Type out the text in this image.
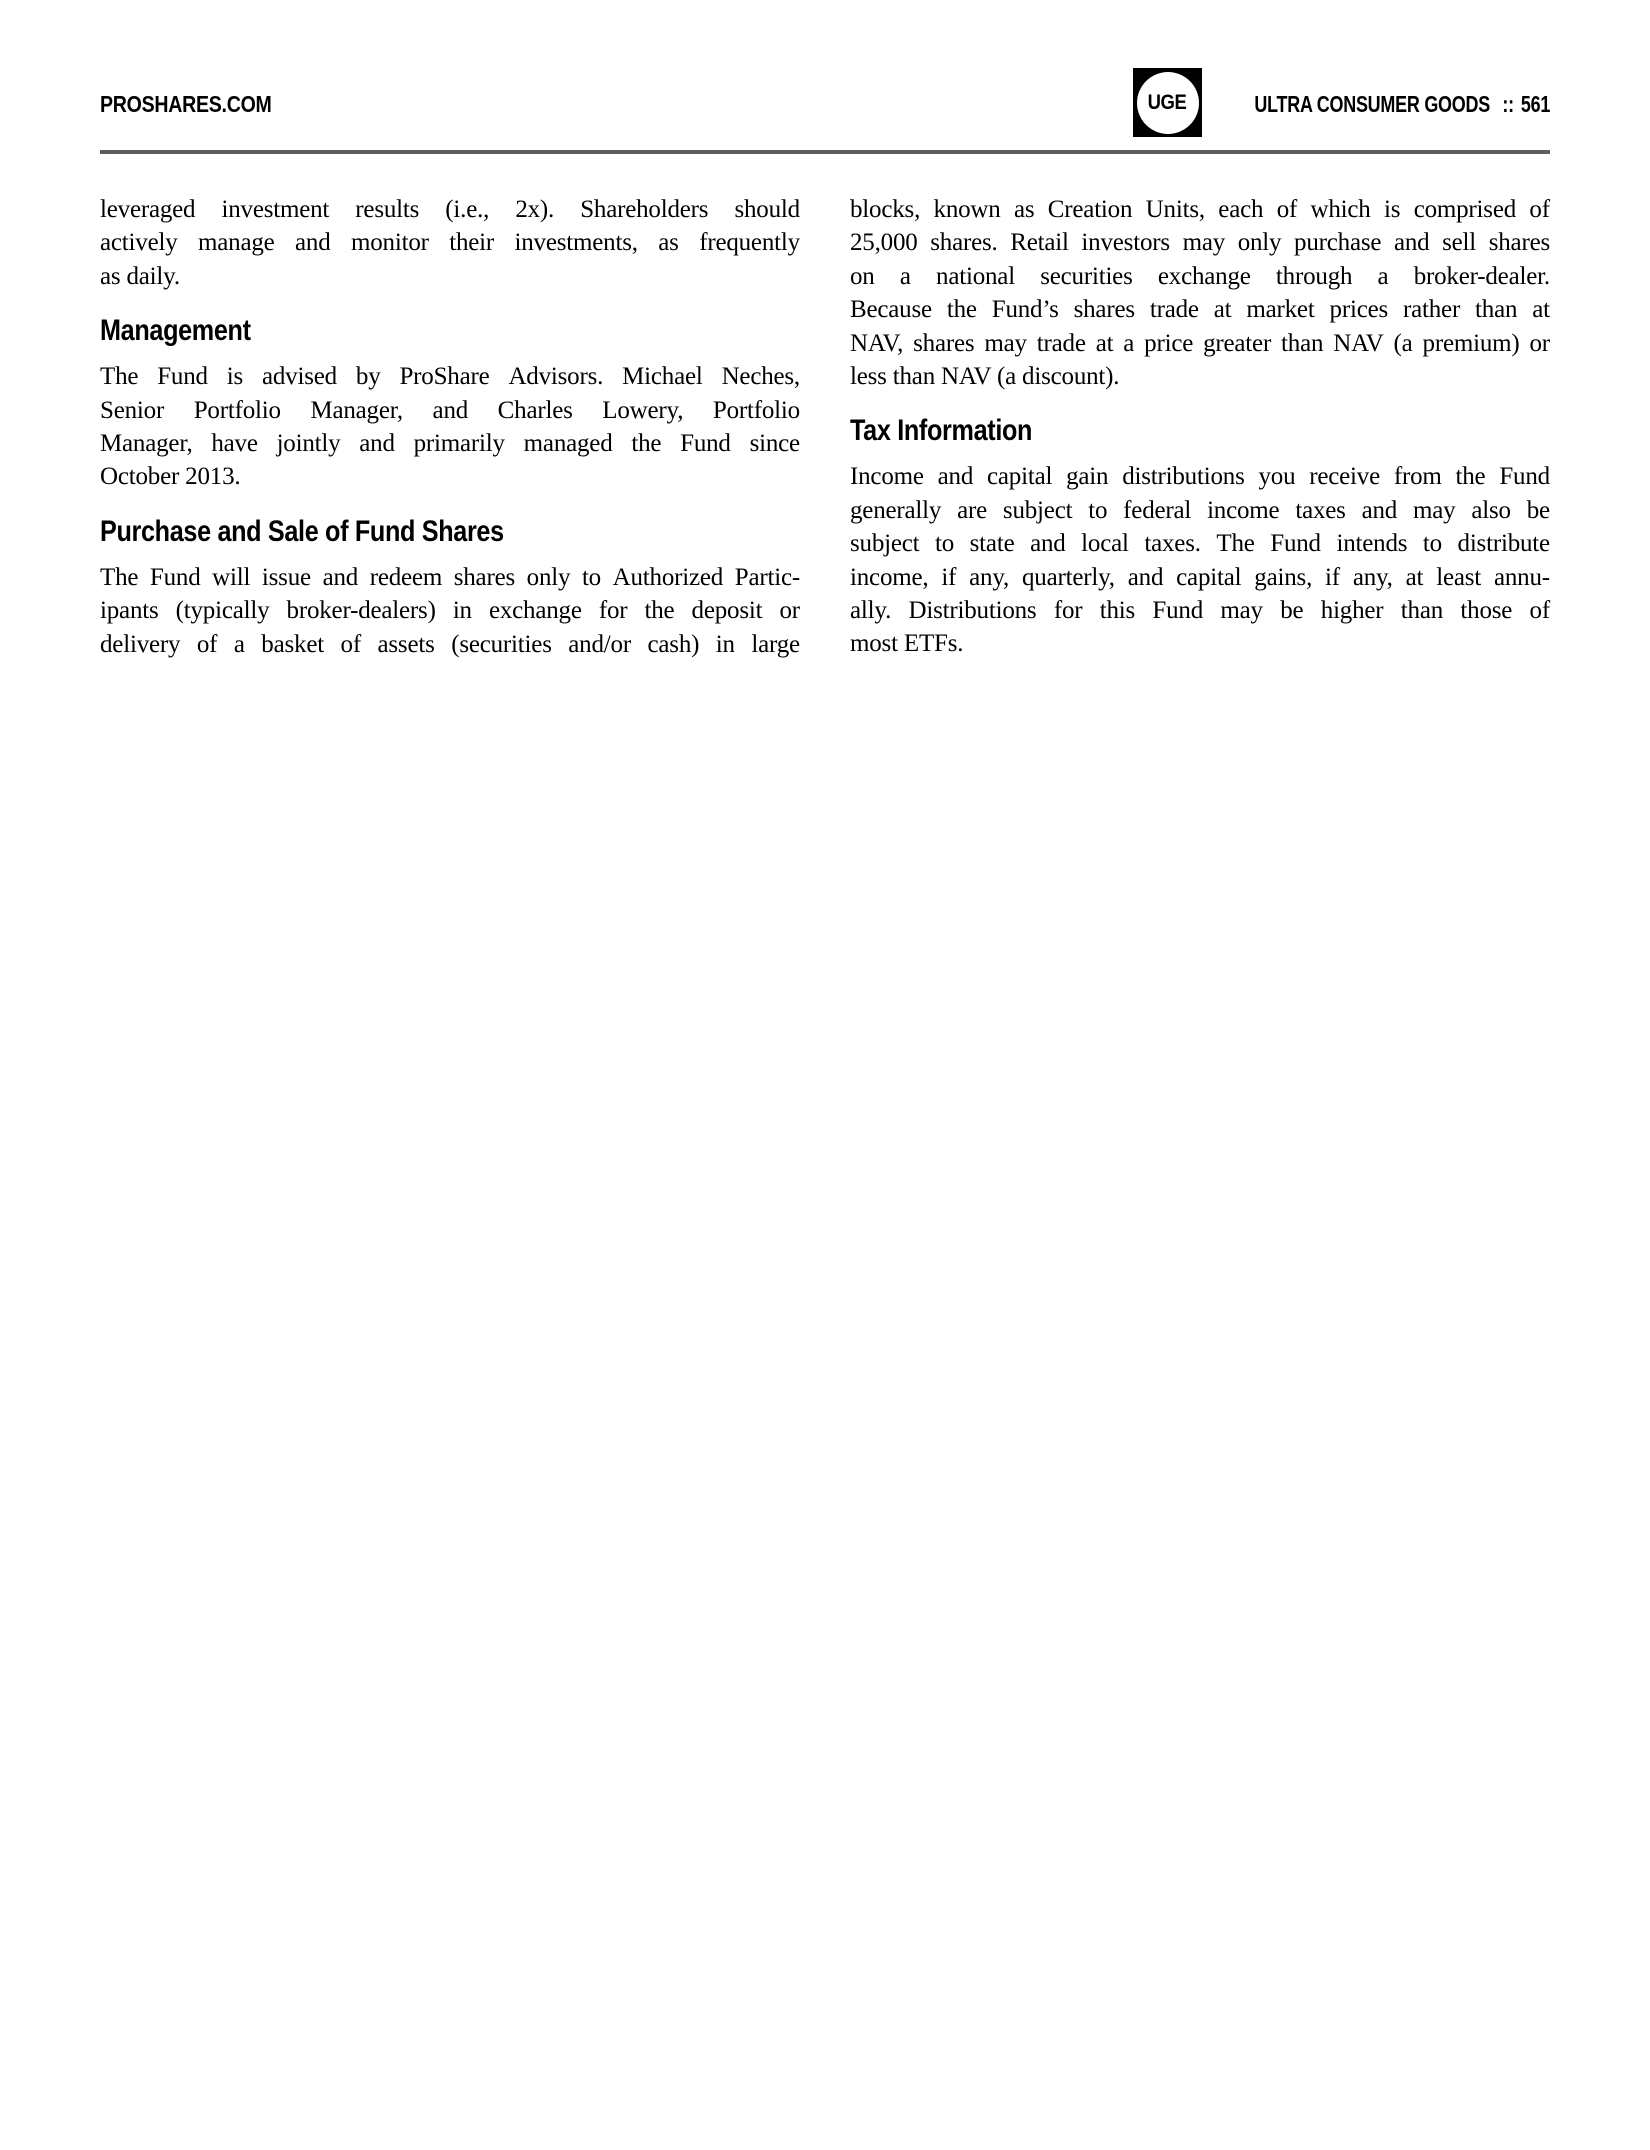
PROSHARES.COM	UGE	ULTRA CONSUMER GOODS :: 561
leveraged investment results (i.e., 2x). Shareholders should
actively manage and monitor their investments, as frequently
as daily.
Management
The Fund is advised by ProShare Advisors. Michael Neches,
Senior Portfolio Manager, and Charles Lowery, Portfolio
Manager, have jointly and primarily managed the Fund since
October 2013.
Purchase and Sale of Fund Shares
The Fund will issue and redeem shares only to Authorized Partic-
ipants (typically broker-dealers) in exchange for the deposit or
delivery of a basket of assets (securities and/or cash) in large
blocks, known as Creation Units, each of which is comprised of
25,000 shares. Retail investors may only purchase and sell shares
on a national securities exchange through a broker-dealer.
Because the Fund’s shares trade at market prices rather than at
NAV, shares may trade at a price greater than NAV (a premium) or
less than NAV (a discount).
Tax Information
Income and capital gain distributions you receive from the Fund
generally are subject to federal income taxes and may also be
subject to state and local taxes. The Fund intends to distribute
income, if any, quarterly, and capital gains, if any, at least annu-
ally. Distributions for this Fund may be higher than those of
most ETFs.
